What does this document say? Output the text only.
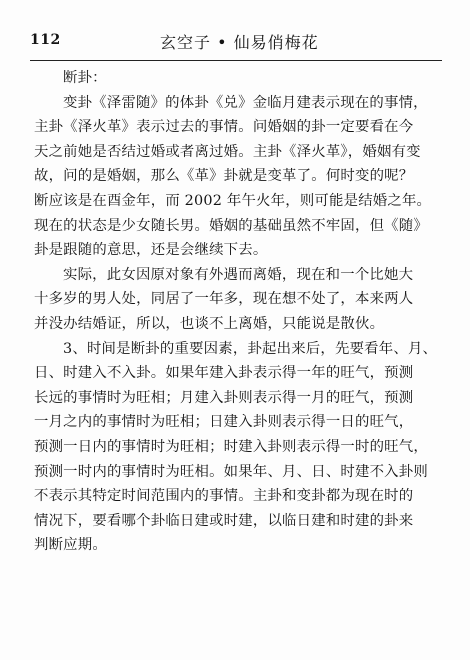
112	玄空子 • 仙易俏梅花
断卦：
变卦《泽雷随》的体卦《兑》金临月建表示现在的事情，
主卦《泽火革》表示过去的事情。问婚姻的卦一定要看在今
天之前她是否结过婚或者离过婚。主卦《泽火革》，婚姻有变
故，问的是婚姻，那么《革》卦就是变革了。何时变的呢？
断应该是在酉金年，而 2002 年午火年，则可能是结婚之年。
现在的状态是少女随长男。婚姻的基础虽然不牢固，但《随》
卦是跟随的意思，还是会继续下去。
实际，此女因原对象有外遇而离婚，现在和一个比她大
十多岁的男人处，同居了一年多，现在想不处了，本来两人
并没办结婚证，所以，也谈不上离婚，只能说是散伙。
3、时间是断卦的重要因素，卦起出来后，先要看年、月、
日、时建入不入卦。如果年建入卦表示得一年的旺气，预测
长远的事情时为旺相；月建入卦则表示得一月的旺气，预测
一月之内的事情时为旺相；日建入卦则表示得一日的旺气，
预测一日内的事情时为旺相；时建入卦则表示得一时的旺气，
预测一时内的事情时为旺相。如果年、月、日、时建不入卦则
不表示其特定时间范围内的事情。主卦和变卦都为现在时的
情况下，要看哪个卦临日建或时建，以临日建和时建的卦来
判断应期。
